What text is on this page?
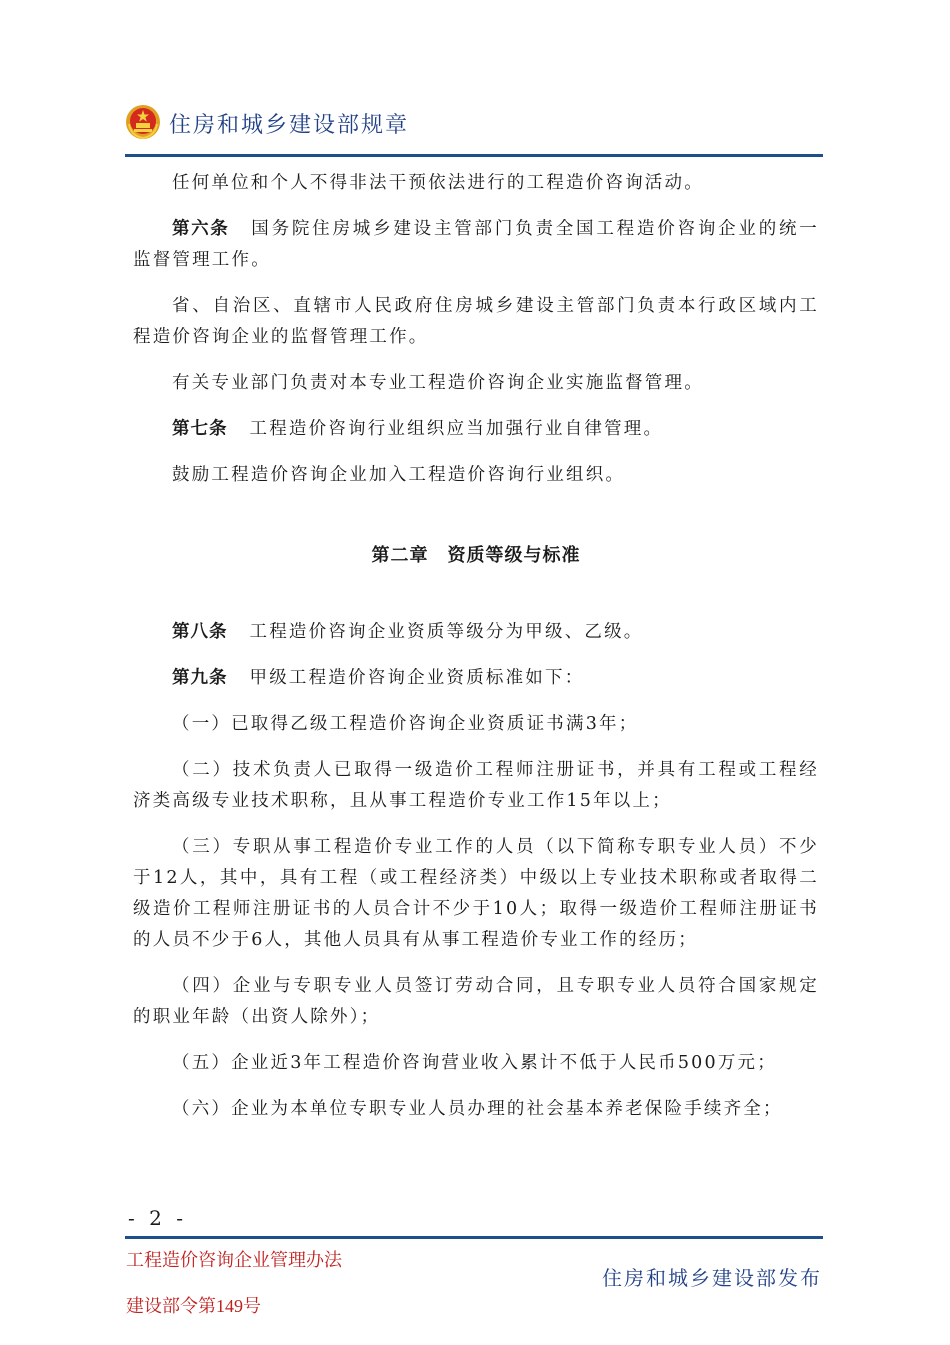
住房和城乡建设部规章

任何单位和个人不得非法干预依法进行的工程造价咨询活动。

第六条 国务院住房城乡建设主管部门负责全国工程造价咨询企业的统一监督管理工作。

省、自治区、直辖市人民政府住房城乡建设主管部门负责本行政区域内工程造价咨询企业的监督管理工作。

有关专业部门负责对本专业工程造价咨询企业实施监督管理。

第七条 工程造价咨询行业组织应当加强行业自律管理。

鼓励工程造价咨询企业加入工程造价咨询行业组织。

第二章　资质等级与标准

第八条 工程造价咨询企业资质等级分为甲级、乙级。

第九条 甲级工程造价咨询企业资质标准如下：

（一）已取得乙级工程造价咨询企业资质证书满3年；

（二）技术负责人已取得一级造价工程师注册证书，并具有工程或工程经济类高级专业技术职称，且从事工程造价专业工作15年以上；

（三）专职从事工程造价专业工作的人员（以下简称专职专业人员）不少于12人，其中，具有工程（或工程经济类）中级以上专业技术职称或者取得二级造价工程师注册证书的人员合计不少于10人；取得一级造价工程师注册证书的人员不少于6人，其他人员具有从事工程造价专业工作的经历；

（四）企业与专职专业人员签订劳动合同，且专职专业人员符合国家规定的职业年龄（出资人除外）；

（五）企业近3年工程造价咨询营业收入累计不低于人民币500万元；

（六）企业为本单位专职专业人员办理的社会基本养老保险手续齐全；

- 2 -
工程造价咨询企业管理办法
建设部令第149号
住房和城乡建设部发布
